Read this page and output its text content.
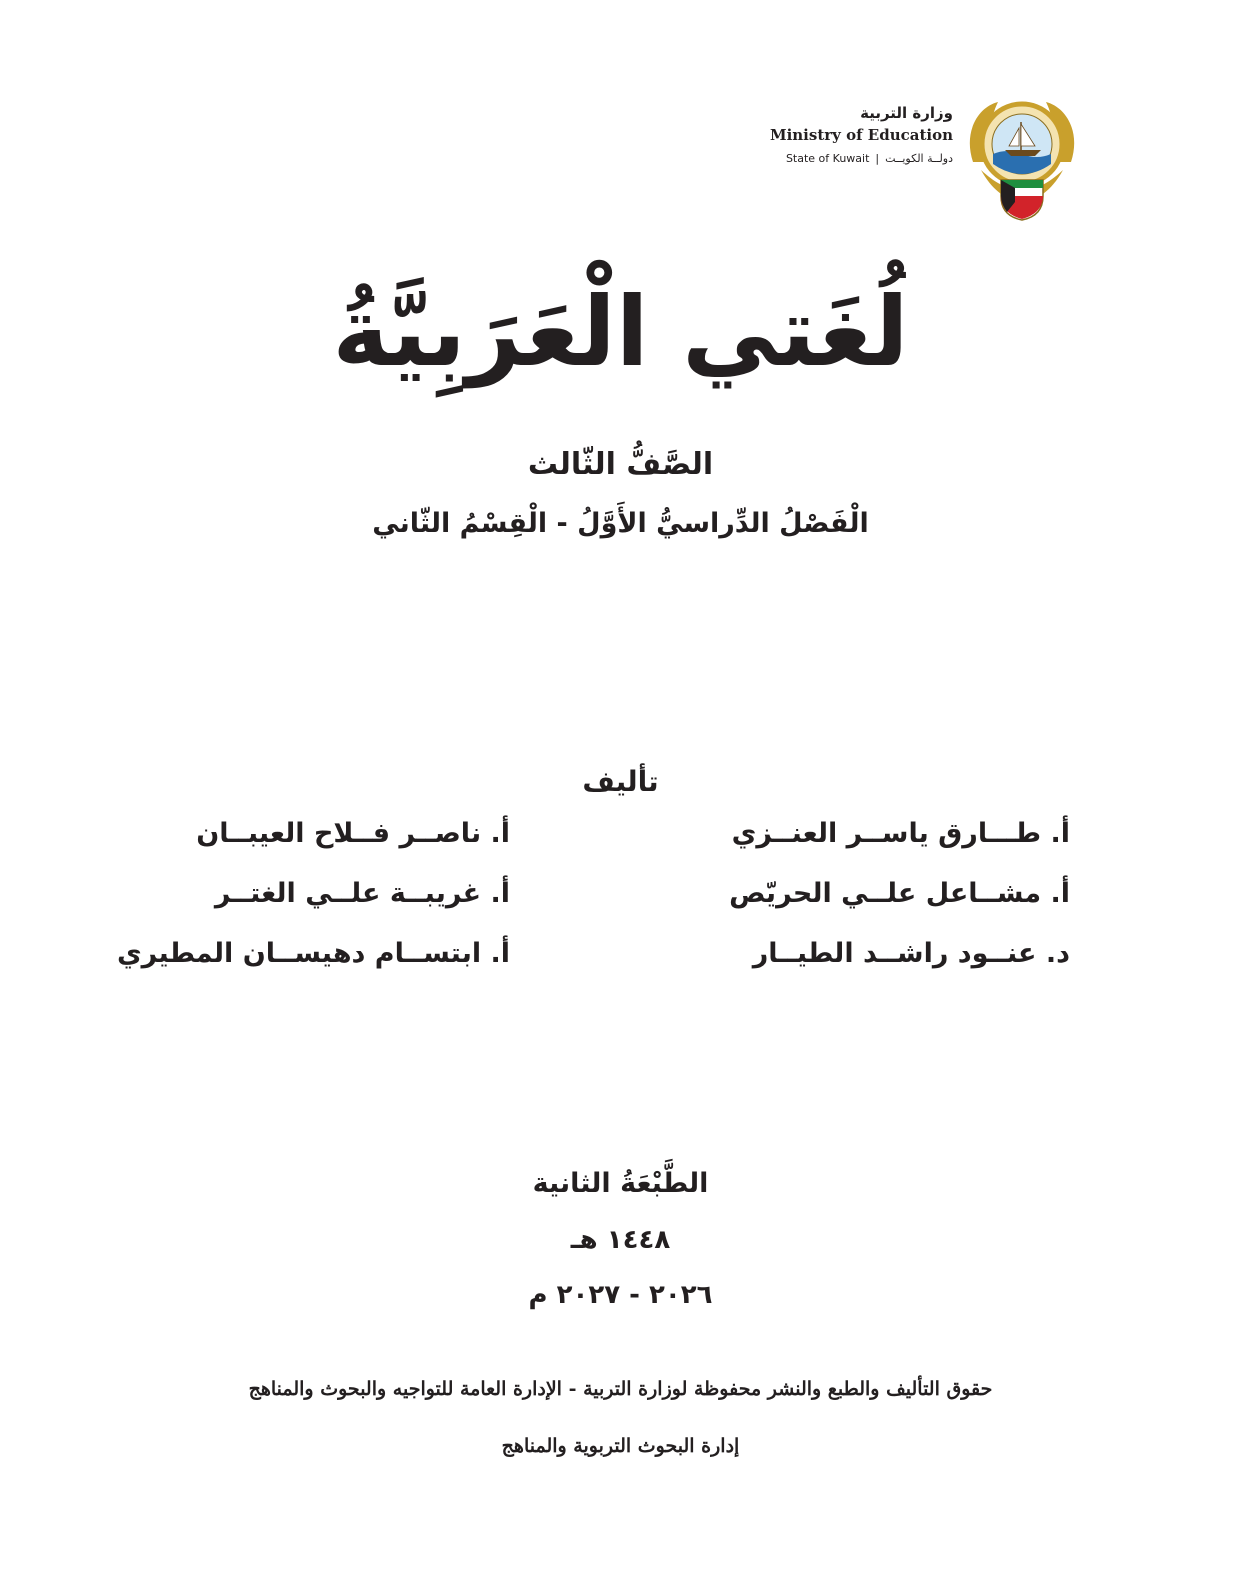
وزارة التربية
Ministry of Education
State of Kuwait | دولــة الكويــت
لُغَتي الْعَرَبِيَّةُ
الصَّفُّ الثّالث
الْفَصْلُ الدِّراسيُّ الأَوَّلُ - الْقِسْمُ الثّاني
تأليف
أ. طـــارق ياســر العنــزي
أ. مشــاعل علــي الحريّص
د. عنــود راشــد الطيــار
أ. ناصــر فــلاح العيبــان
أ. غريبــة علــي الغتــر
أ. ابتســام دهيســان المطيري
الطَّبْعَةُ الثانية
١٤٤٨ هـ
٢٠٢٦ - ٢٠٢٧ م
حقوق التأليف والطبع والنشر محفوظة لوزارة التربية - الإدارة العامة للتواجيه والبحوث والمناهج
إدارة البحوث التربوية والمناهج
